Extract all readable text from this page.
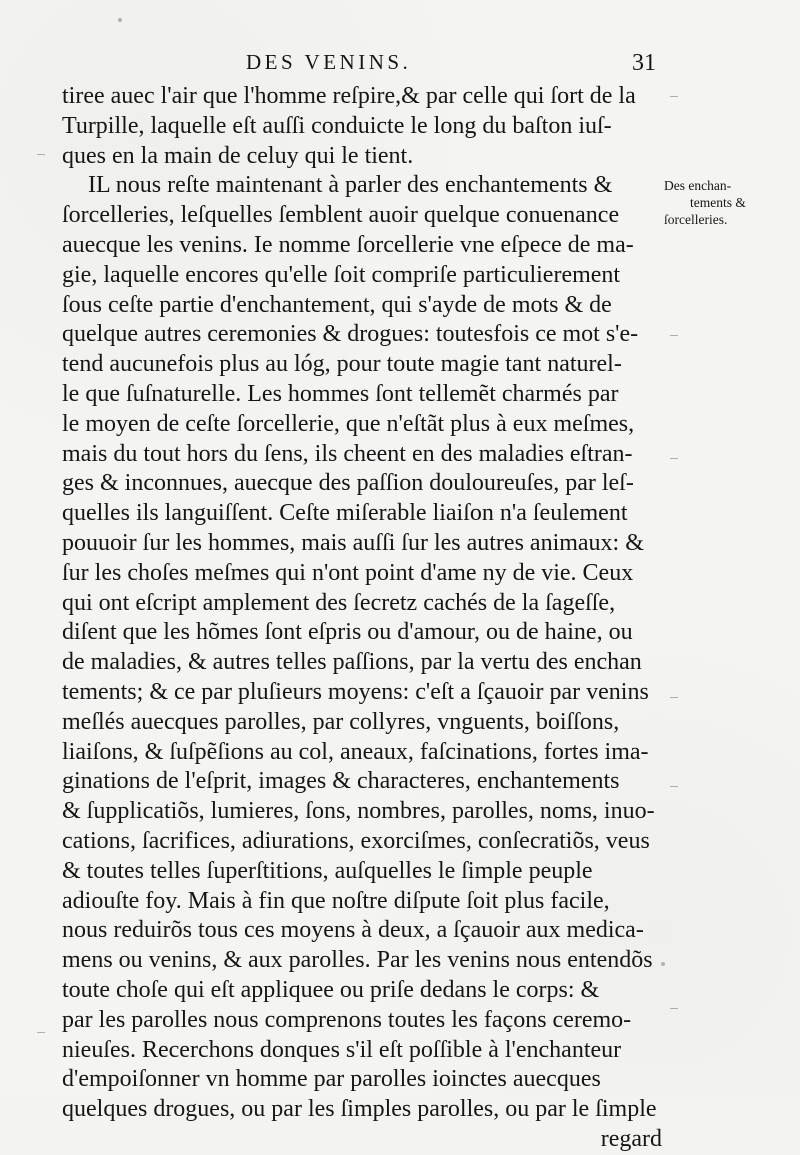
DES VENINS.	31
Des enchan-
tements &
ſorcelleries.
tiree auec l'air que l'homme reſpire,& par celle qui ſort de la
Turpille, laquelle eſt auſſi conduicte le long du baſton iuſ-
ques en la main de celuy qui le tient.
IL nous reſte maintenant à parler des enchantements &
ſorcelleries, leſquelles ſemblent auoir quelque conuenance
auecque les venins. Ie nomme ſorcellerie vne eſpece de ma-
gie, laquelle encores qu'elle ſoit compriſe particulierement
ſous ceſte partie d'enchantement, qui s'ayde de mots & de
quelque autres ceremonies & drogues: toutesfois ce mot s'e-
tend aucunefois plus au lóg, pour toute magie tant naturel-
le que ſuſnaturelle. Les hommes ſont tellemẽt charmés par
le moyen de ceſte ſorcellerie, que n'eſtãt plus à eux meſmes,
mais du tout hors du ſens, ils cheent en des maladies eſtran-
ges & inconnues, auecque des paſſion douloureuſes, par leſ-
quelles ils languiſſent. Ceſte miſerable liaiſon n'a ſeulement
pouuoir ſur les hommes, mais auſſi ſur les autres animaux: &
ſur les choſes meſmes qui n'ont point d'ame ny de vie. Ceux
qui ont eſcript amplement des ſecretz cachés de la ſageſſe,
diſent que les hõmes ſont eſpris ou d'amour, ou de haine, ou
de maladies, & autres telles paſſions, par la vertu des enchan
tements; & ce par pluſieurs moyens: c'eſt a ſçauoir par venins
meſlés auecques parolles, par collyres, vnguents, boiſſons,
liaiſons, & ſuſpẽſions au col, aneaux, faſcinations, fortes ima-
ginations de l'eſprit, images & characteres, enchantements
& ſupplicatiõs, lumieres, ſons, nombres, parolles, noms, inuo-
cations, ſacrifices, adiurations, exorciſmes, conſecratiõs, veus
& toutes telles ſuperſtitions, auſquelles le ſimple peuple
adiouſte foy. Mais à fin que noſtre diſpute ſoit plus facile,
nous reduirõs tous ces moyens à deux, a ſçauoir aux medica-
mens ou venins, & aux parolles. Par les venins nous entendõs
toute choſe qui eſt appliquee ou priſe dedans le corps: &
par les parolles nous comprenons toutes les façons ceremo-
nieuſes. Recerchons donques s'il eſt poſſible à l'enchanteur
d'empoiſonner vn homme par parolles ioinctes auecques
quelques drogues, ou par les ſimples parolles, ou par le ſimple
regard
